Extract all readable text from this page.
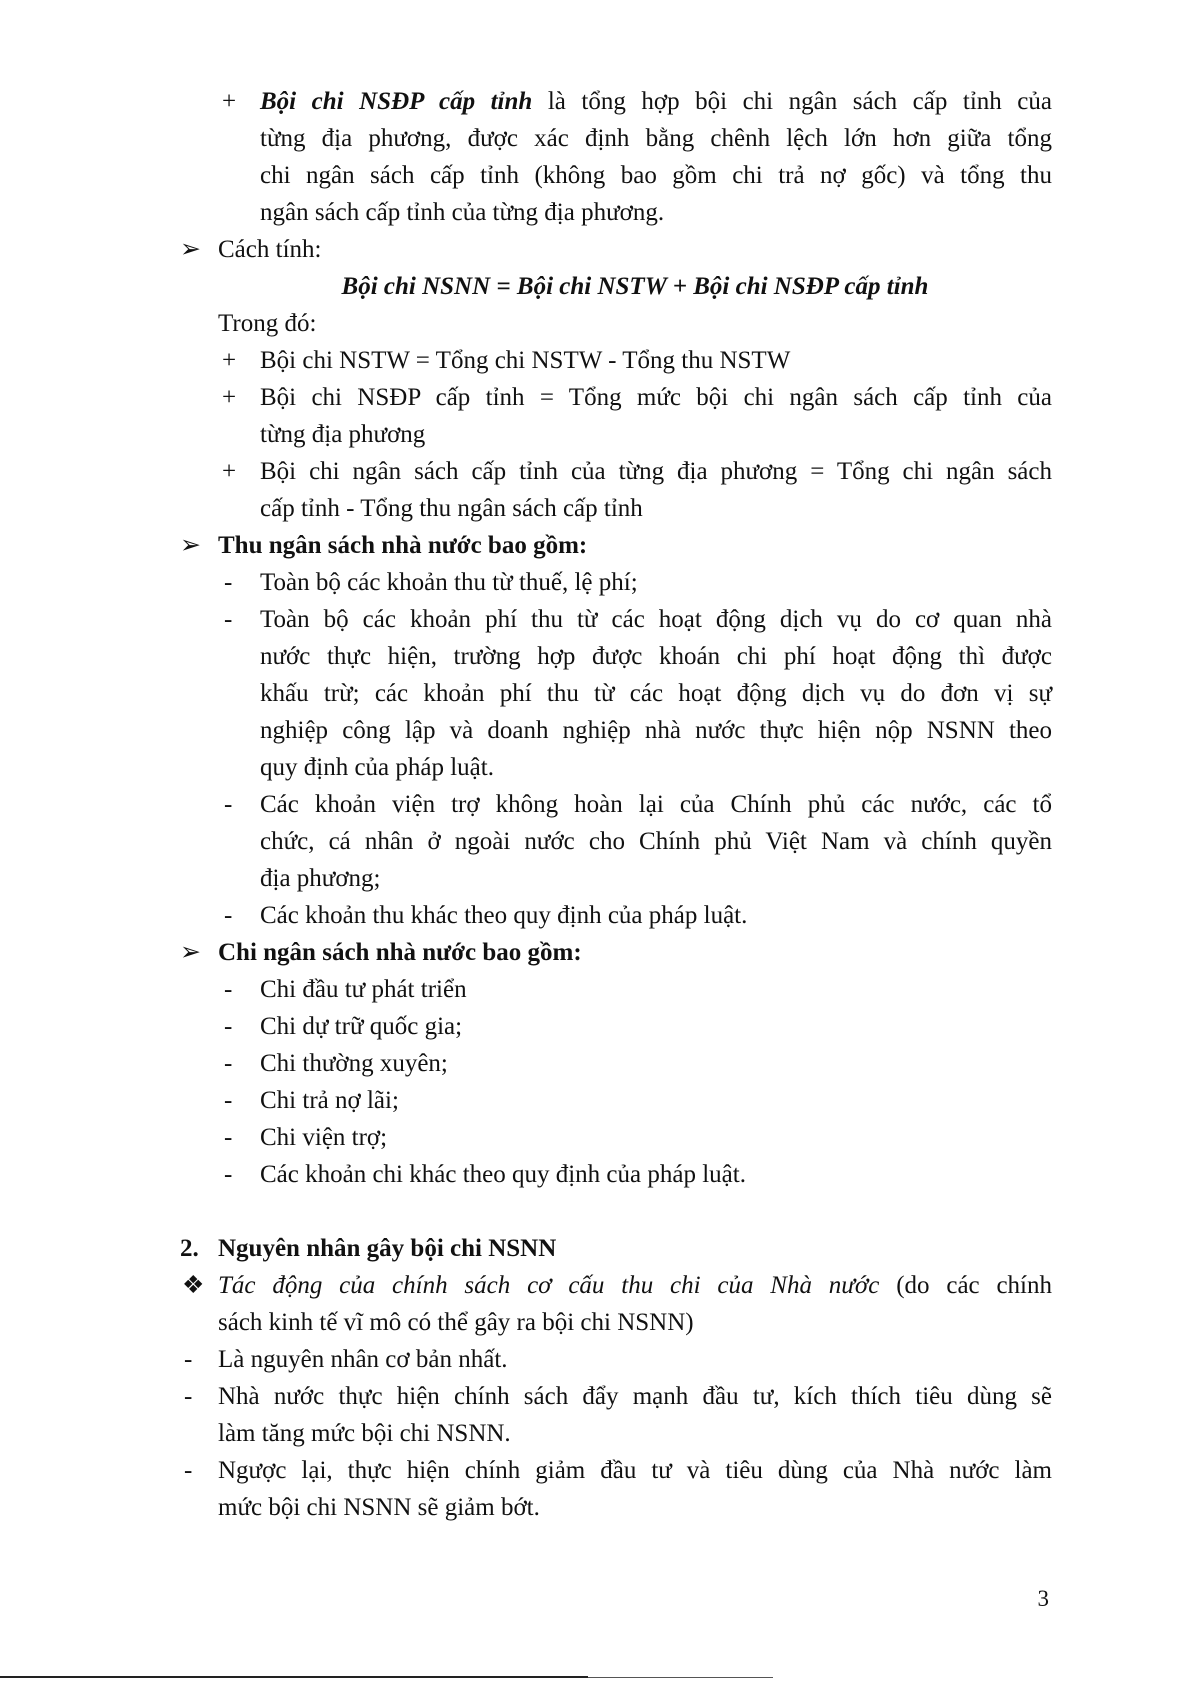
+ Bội chi NSĐP cấp tỉnh là tổng hợp bội chi ngân sách cấp tỉnh của
từng địa phương, được xác định bằng chênh lệch lớn hơn giữa tổng
chi ngân sách cấp tỉnh (không bao gồm chi trả nợ gốc) và tổng thu
ngân sách cấp tỉnh của từng địa phương.
➢ Cách tính:
Bội chi NSNN = Bội chi NSTW + Bội chi NSĐP cấp tỉnh
Trong đó:
+ Bội chi NSTW = Tổng chi NSTW - Tổng thu NSTW
+ Bội chi NSĐP cấp tỉnh = Tổng mức bội chi ngân sách cấp tỉnh của
từng địa phương
+ Bội chi ngân sách cấp tỉnh của từng địa phương = Tổng chi ngân sách
cấp tỉnh - Tổng thu ngân sách cấp tỉnh
➢ Thu ngân sách nhà nước bao gồm:
- Toàn bộ các khoản thu từ thuế, lệ phí;
- Toàn bộ các khoản phí thu từ các hoạt động dịch vụ do cơ quan nhà
nước thực hiện, trường hợp được khoán chi phí hoạt động thì được
khấu trừ; các khoản phí thu từ các hoạt động dịch vụ do đơn vị sự
nghiệp công lập và doanh nghiệp nhà nước thực hiện nộp NSNN theo
quy định của pháp luật.
- Các khoản viện trợ không hoàn lại của Chính phủ các nước, các tổ
chức, cá nhân ở ngoài nước cho Chính phủ Việt Nam và chính quyền
địa phương;
- Các khoản thu khác theo quy định của pháp luật.
➢ Chi ngân sách nhà nước bao gồm:
- Chi đầu tư phát triển
- Chi dự trữ quốc gia;
- Chi thường xuyên;
- Chi trả nợ lãi;
- Chi viện trợ;
- Các khoản chi khác theo quy định của pháp luật.
2. Nguyên nhân gây bội chi NSNN
❖ Tác động của chính sách cơ cấu thu chi của Nhà nước (do các chính
sách kinh tế vĩ mô có thể gây ra bội chi NSNN)
- Là nguyên nhân cơ bản nhất.
- Nhà nước thực hiện chính sách đẩy mạnh đầu tư, kích thích tiêu dùng sẽ
làm tăng mức bội chi NSNN.
- Ngược lại, thực hiện chính giảm đầu tư và tiêu dùng của Nhà nước làm
mức bội chi NSNN sẽ giảm bớt.
3
